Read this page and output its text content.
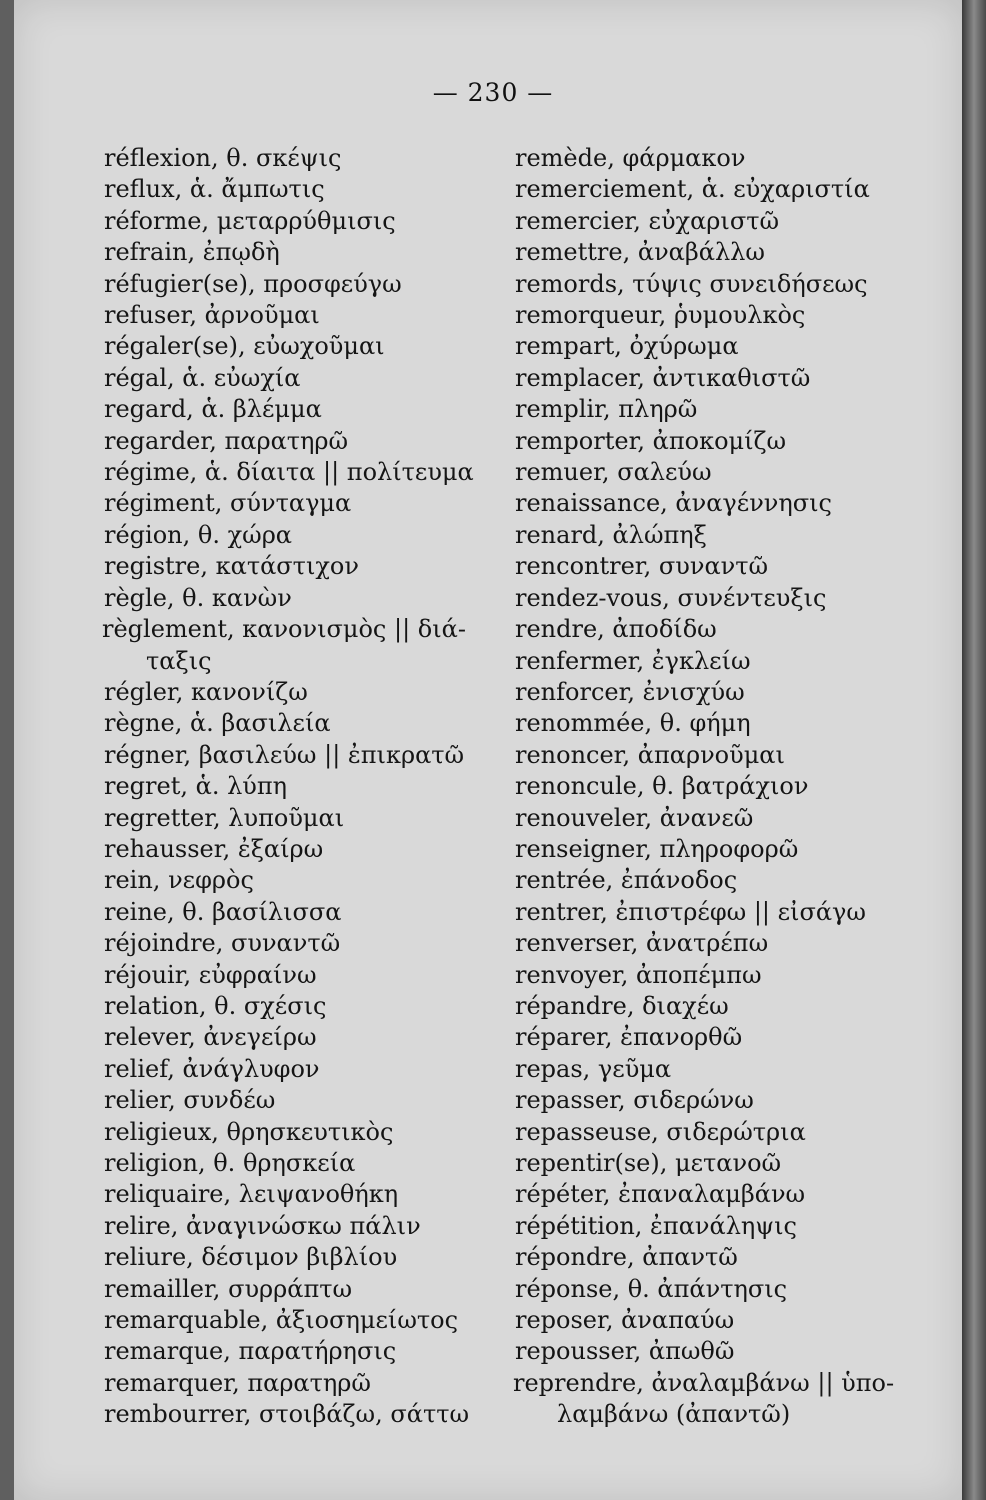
— 230 —
réflexion, θ. σκέψις
reflux, ἁ. ἄμπωτις
réforme, μεταρρύθμισις
refrain, ἐπῳδὴ
réfugier(se), προσφεύγω
refuser, ἀρνοῦμαι
régaler(se), εὐωχοῦμαι
régal, ἁ. εὐωχία
regard, ἁ. βλέμμα
regarder, παρατηρῶ
régime, ἁ. δίαιτα || πολίτευμα
régiment, σύνταγμα
région, θ. χώρα
registre, κατάστιχον
règle, θ. κανὼν
règlement, κανονισμὸς || διά-
ταξις
régler, κανονίζω
règne, ἁ. βασιλεία
régner, βασιλεύω || ἐπικρατῶ
regret, ἁ. λύπη
regretter, λυποῦμαι
rehausser, ἐξαίρω
rein, νεφρὸς
reine, θ. βασίλισσα
réjoindre, συναντῶ
réjouir, εὐφραίνω
relation, θ. σχέσις
relever, ἀνεγείρω
relief, ἀνάγλυφον
relier, συνδέω
religieux, θρησκευτικὸς
religion, θ. θρησκεία
reliquaire, λειψανοθήκη
relire, ἀναγινώσκω πάλιν
reliure, δέσιμον βιβλίου
remailler, συρράπτω
remarquable, ἀξιοσημείωτος
remarque, παρατήρησις
remarquer, παρατηρῶ
rembourrer, στοιβάζω, σάττω
remède, φάρμακον
remerciement, ἁ. εὐχαριστία
remercier, εὐχαριστῶ
remettre, ἀναβάλλω
remords, τύψις συνειδήσεως
remorqueur, ῥυμουλκὸς
rempart, ὀχύρωμα
remplacer, ἀντικαθιστῶ
remplir, πληρῶ
remporter, ἀποκομίζω
remuer, σαλεύω
renaissance, ἀναγέννησις
renard, ἀλώπηξ
rencontrer, συναντῶ
rendez-vous, συνέντευξις
rendre, ἀποδίδω
renfermer, ἐγκλείω
renforcer, ἐνισχύω
renommée, θ. φήμη
renoncer, ἀπαρνοῦμαι
renoncule, θ. βατράχιον
renouveler, ἀνανεῶ
renseigner, πληροφορῶ
rentrée, ἐπάνοδος
rentrer, ἐπιστρέφω || εἰσάγω
renverser, ἀνατρέπω
renvoyer, ἀποπέμπω
répandre, διαχέω
réparer, ἐπανορθῶ
repas, γεῦμα
repasser, σιδερώνω
repasseuse, σιδερώτρια
repentir(se), μετανοῶ
répéter, ἐπαναλαμβάνω
répétition, ἐπανάληψις
répondre, ἀπαντῶ
réponse, θ. ἀπάντησις
reposer, ἀναπαύω
repousser, ἀπωθῶ
reprendre, ἀναλαμβάνω || ὑπο-
λαμβάνω (ἀπαντῶ)
